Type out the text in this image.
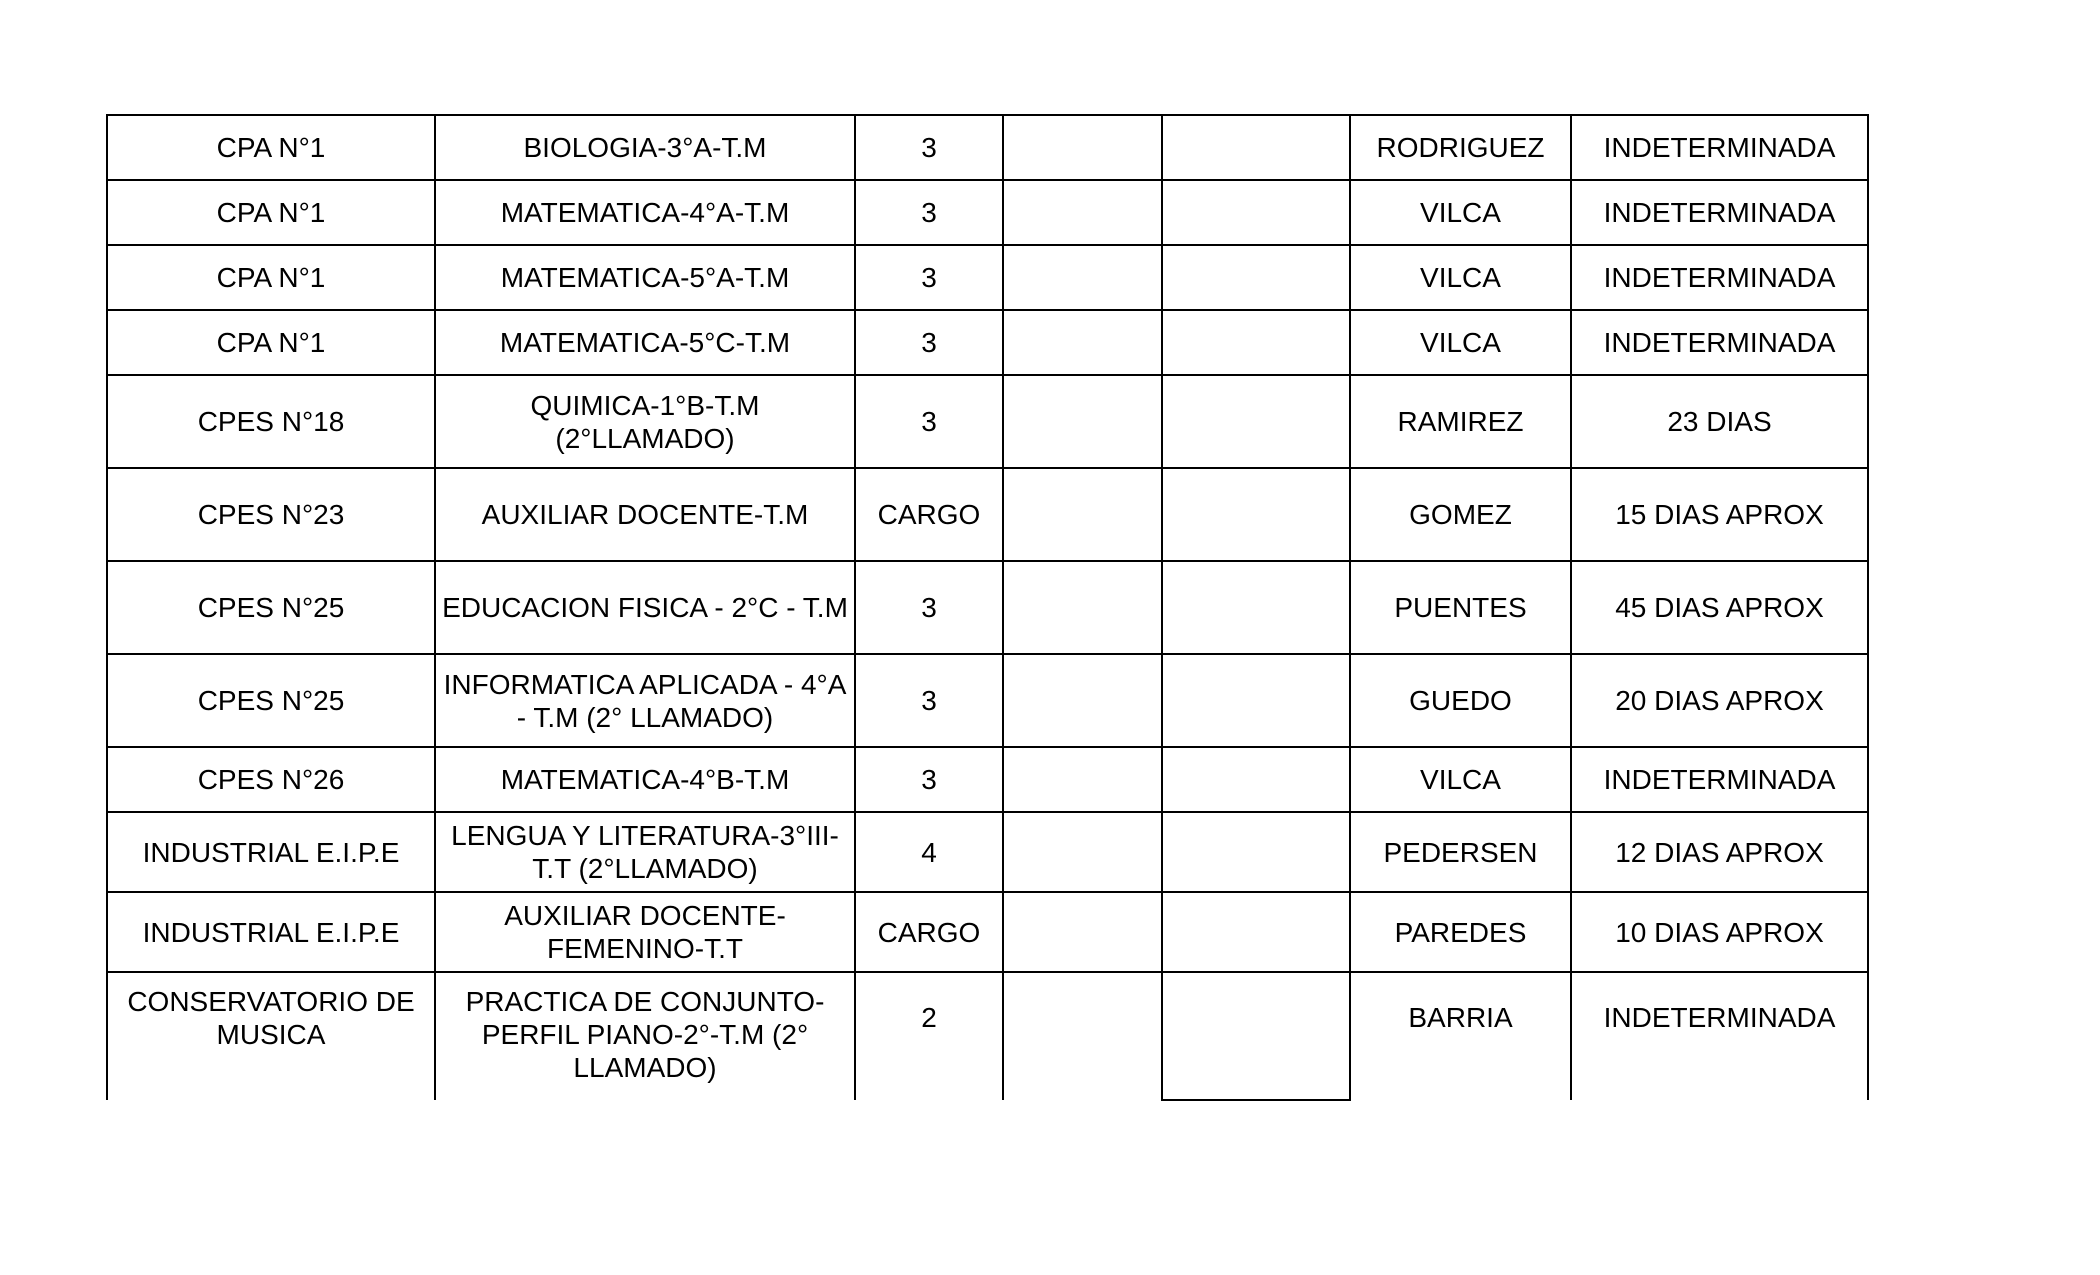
CPA N°1	BIOLOGIA-3°A-T.M	3			RODRIGUEZ	INDETERMINADA
CPA N°1	MATEMATICA-4°A-T.M	3			VILCA	INDETERMINADA
CPA N°1	MATEMATICA-5°A-T.M	3			VILCA	INDETERMINADA
CPA N°1	MATEMATICA-5°C-T.M	3			VILCA	INDETERMINADA
CPES N°18	QUIMICA-1°B-T.M (2°LLAMADO)	3			RAMIREZ	23 DIAS
CPES N°23	AUXILIAR DOCENTE-T.M	CARGO			GOMEZ	15 DIAS APROX
CPES N°25	EDUCACION FISICA - 2°C - T.M	3			PUENTES	45 DIAS APROX
CPES N°25	INFORMATICA APLICADA - 4°A - T.M (2° LLAMADO)	3			GUEDO	20 DIAS APROX
CPES N°26	MATEMATICA-4°B-T.M	3			VILCA	INDETERMINADA
INDUSTRIAL E.I.P.E	LENGUA Y LITERATURA-3°III-T.T (2°LLAMADO)	4			PEDERSEN	12 DIAS APROX
INDUSTRIAL E.I.P.E	AUXILIAR DOCENTE-FEMENINO-T.T	CARGO			PAREDES	10 DIAS APROX
CONSERVATORIO DE MUSICA	PRACTICA DE CONJUNTO-PERFIL PIANO-2°-T.M (2° LLAMADO)	2			BARRIA	INDETERMINADA
